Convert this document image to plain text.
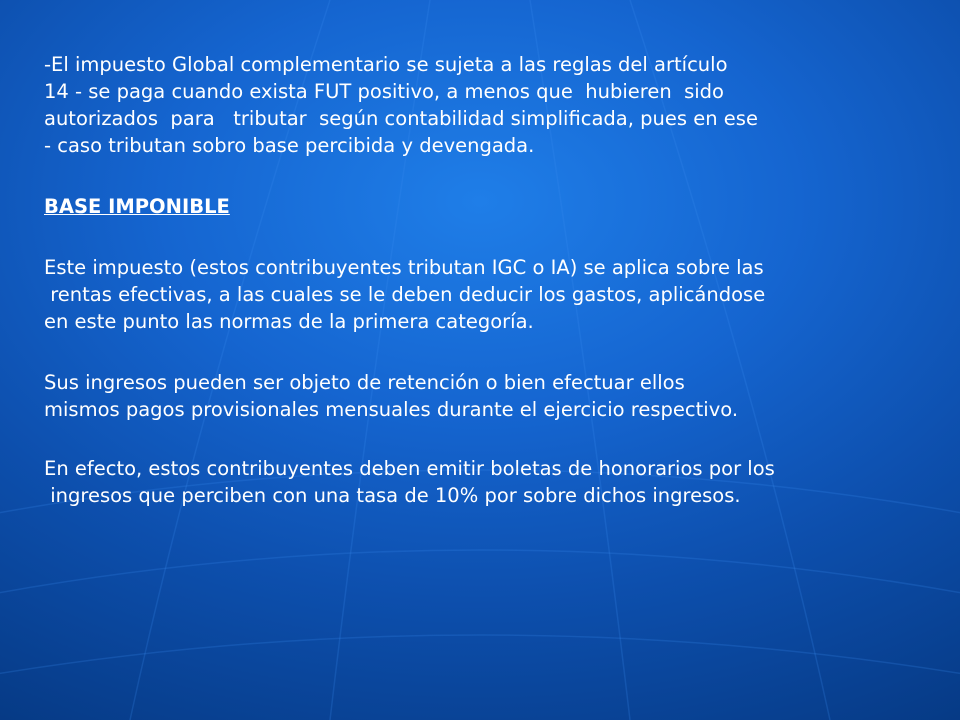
-El impuesto Global complementario se sujeta a las reglas del artículo
14 - se paga cuando exista FUT positivo, a menos que  hubieren  sido
autorizados  para   tributar  según contabilidad simplificada, pues en ese
- caso tributan sobro base percibida y devengada.
BASE IMPONIBLE
Este impuesto (estos contribuyentes tributan IGC o IA) se aplica sobre las
rentas efectivas, a las cuales se le deben deducir los gastos, aplicándose
en este punto las normas de la primera categoría.
Sus ingresos pueden ser objeto de retención o bien efectuar ellos
mismos pagos provisionales mensuales durante el ejercicio respectivo.
En efecto, estos contribuyentes deben emitir boletas de honorarios por los
ingresos que perciben con una tasa de 10% por sobre dichos ingresos.
